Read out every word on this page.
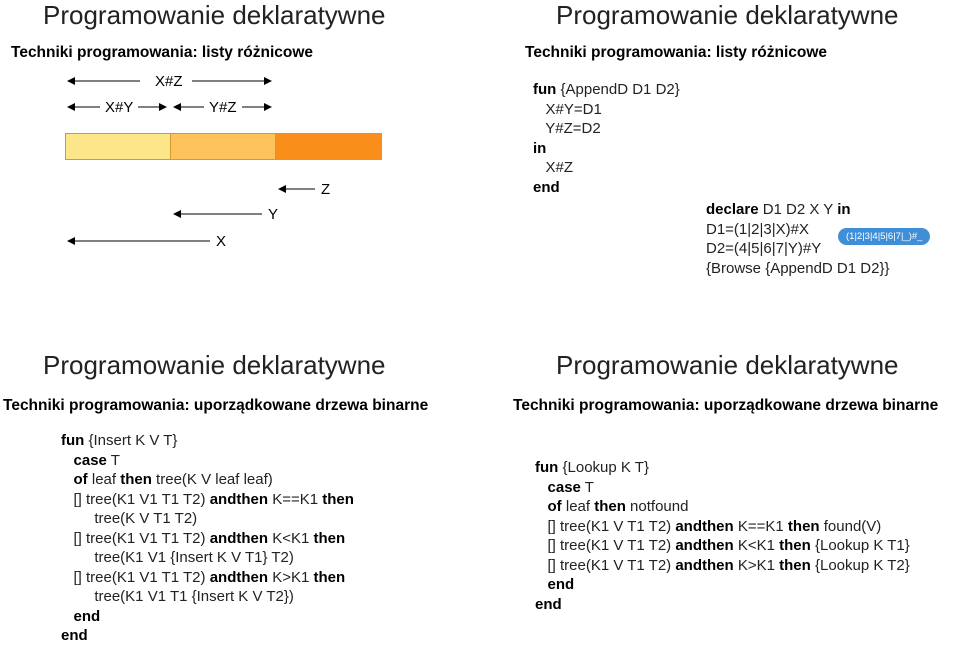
Programowanie deklaratywne
Techniki programowania: listy różnicowe
X#Z
X#Y	Y#Z
Z
Y
X
Programowanie deklaratywne
Techniki programowania: listy różnicowe
fun {AppendD D1 D2}
X#Y=D1
Y#Z=D2
in
X#Z
end
declare D1 D2 X Y in
D1=(1|2|3|X)#X
D2=(4|5|6|7|Y)#Y
{Browse {AppendD D1 D2}}
(1|2|3|4|5|6|7|_)#_
Programowanie deklaratywne
Techniki programowania: uporządkowane drzewa binarne
fun {Insert K V T}
case T
of leaf then tree(K V leaf leaf)
[] tree(K1 V1 T1 T2) andthen K==K1 then
tree(K V T1 T2)
[] tree(K1 V1 T1 T2) andthen K<K1 then
tree(K1 V1 {Insert K V T1} T2)
[] tree(K1 V1 T1 T2) andthen K>K1 then
tree(K1 V1 T1 {Insert K V T2})
end
end
Programowanie deklaratywne
Techniki programowania: uporządkowane drzewa binarne
fun {Lookup K T}
case T
of leaf then notfound
[] tree(K1 V T1 T2) andthen K==K1 then found(V)
[] tree(K1 V T1 T2) andthen K<K1 then {Lookup K T1}
[] tree(K1 V T1 T2) andthen K>K1 then {Lookup K T2}
end
end
